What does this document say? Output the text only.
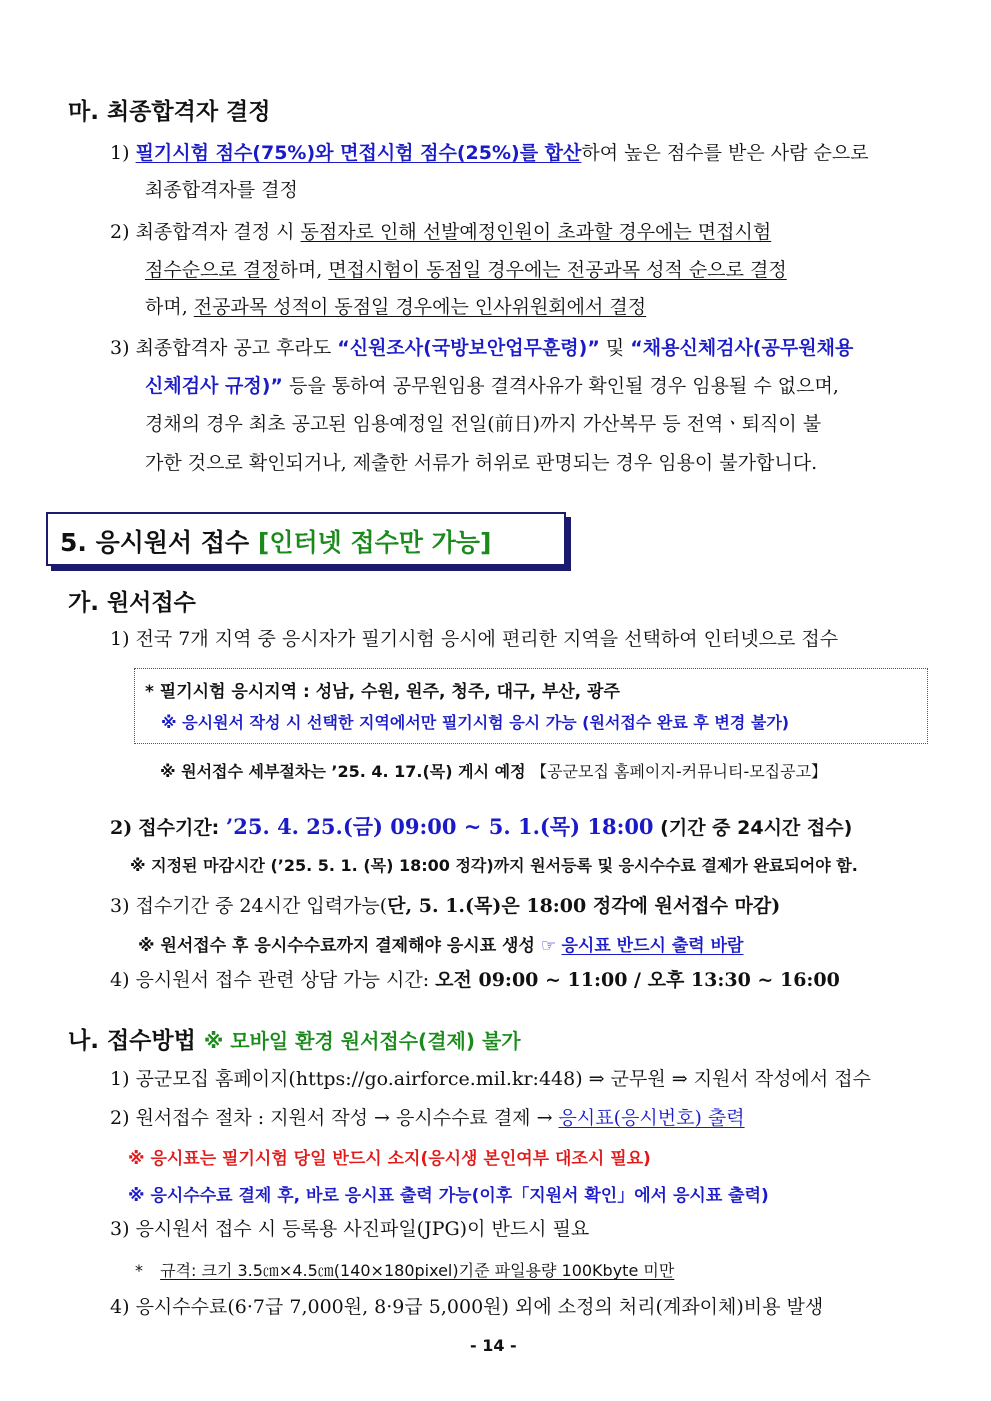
마. 최종합격자 결정
1) 필기시험 점수(75%)와 면접시험 점수(25%)를 합산하여 높은 점수를 받은 사람 순으로
최종합격자를 결정
2) 최종합격자 결정 시 동점자로 인해 선발예정인원이 초과할 경우에는 면접시험
점수순으로 결정하며, 면접시험이 동점일 경우에는 전공과목 성적 순으로 결정
하며, 전공과목 성적이 동점일 경우에는 인사위원회에서 결정
3) 최종합격자 공고 후라도 “신원조사(국방보안업무훈령)” 및 “채용신체검사(공무원채용
신체검사 규정)” 등을 통하여 공무원임용 결격사유가 확인될 경우 임용될 수 없으며,
경채의 경우 최초 공고된 임용예정일 전일(前日)까지 가산복무 등 전역ㆍ퇴직이 불
가한 것으로 확인되거나, 제출한 서류가 허위로 판명되는 경우 임용이 불가합니다.
5. 응시원서 접수 [인터넷 접수만 가능]
가. 원서접수
1) 전국 7개 지역 중 응시자가 필기시험 응시에 편리한 지역을 선택하여 인터넷으로 접수
* 필기시험 응시지역 : 성남, 수원, 원주, 청주, 대구, 부산, 광주
※ 응시원서 작성 시 선택한 지역에서만 필기시험 응시 가능 (원서접수 완료 후 변경 불가)
※ 원서접수 세부절차는 ’25. 4. 17.(목) 게시 예정 【공군모집 홈페이지-커뮤니티-모집공고】
2) 접수기간: ’25. 4. 25.(금) 09:00 ~ 5. 1.(목) 18:00 (기간 중 24시간 접수)
※ 지정된 마감시간 (’25. 5. 1. (목) 18:00 정각)까지 원서등록 및 응시수수료 결제가 완료되어야 함.
3) 접수기간 중 24시간 입력가능(단, 5. 1.(목)은 18:00 정각에 원서접수 마감)
※ 원서접수 후 응시수수료까지 결제해야 응시표 생성 ☞ 응시표 반드시 출력 바람
4) 응시원서 접수 관련 상담 가능 시간: 오전 09:00 ~ 11:00 / 오후 13:30 ~ 16:00
나. 접수방법 ※ 모바일 환경 원서접수(결제) 불가
1) 공군모집 홈페이지(https://go.airforce.mil.kr:448) ⇒ 군무원 ⇒ 지원서 작성에서 접수
2) 원서접수 절차 : 지원서 작성 → 응시수수료 결제 → 응시표(응시번호) 출력
※ 응시표는 필기시험 당일 반드시 소지(응시생 본인여부 대조시 필요)
※ 응시수수료 결제 후, 바로 응시표 출력 가능(이후「지원서 확인」에서 응시표 출력)
3) 응시원서 접수 시 등록용 사진파일(JPG)이 반드시 필요
* 규격: 크기 3.5㎝×4.5㎝(140×180pixel)기준 파일용량 100Kbyte 미만
4) 응시수수료(6·7급 7,000원, 8·9급 5,000원) 외에 소정의 처리(계좌이체)비용 발생
- 14 -
